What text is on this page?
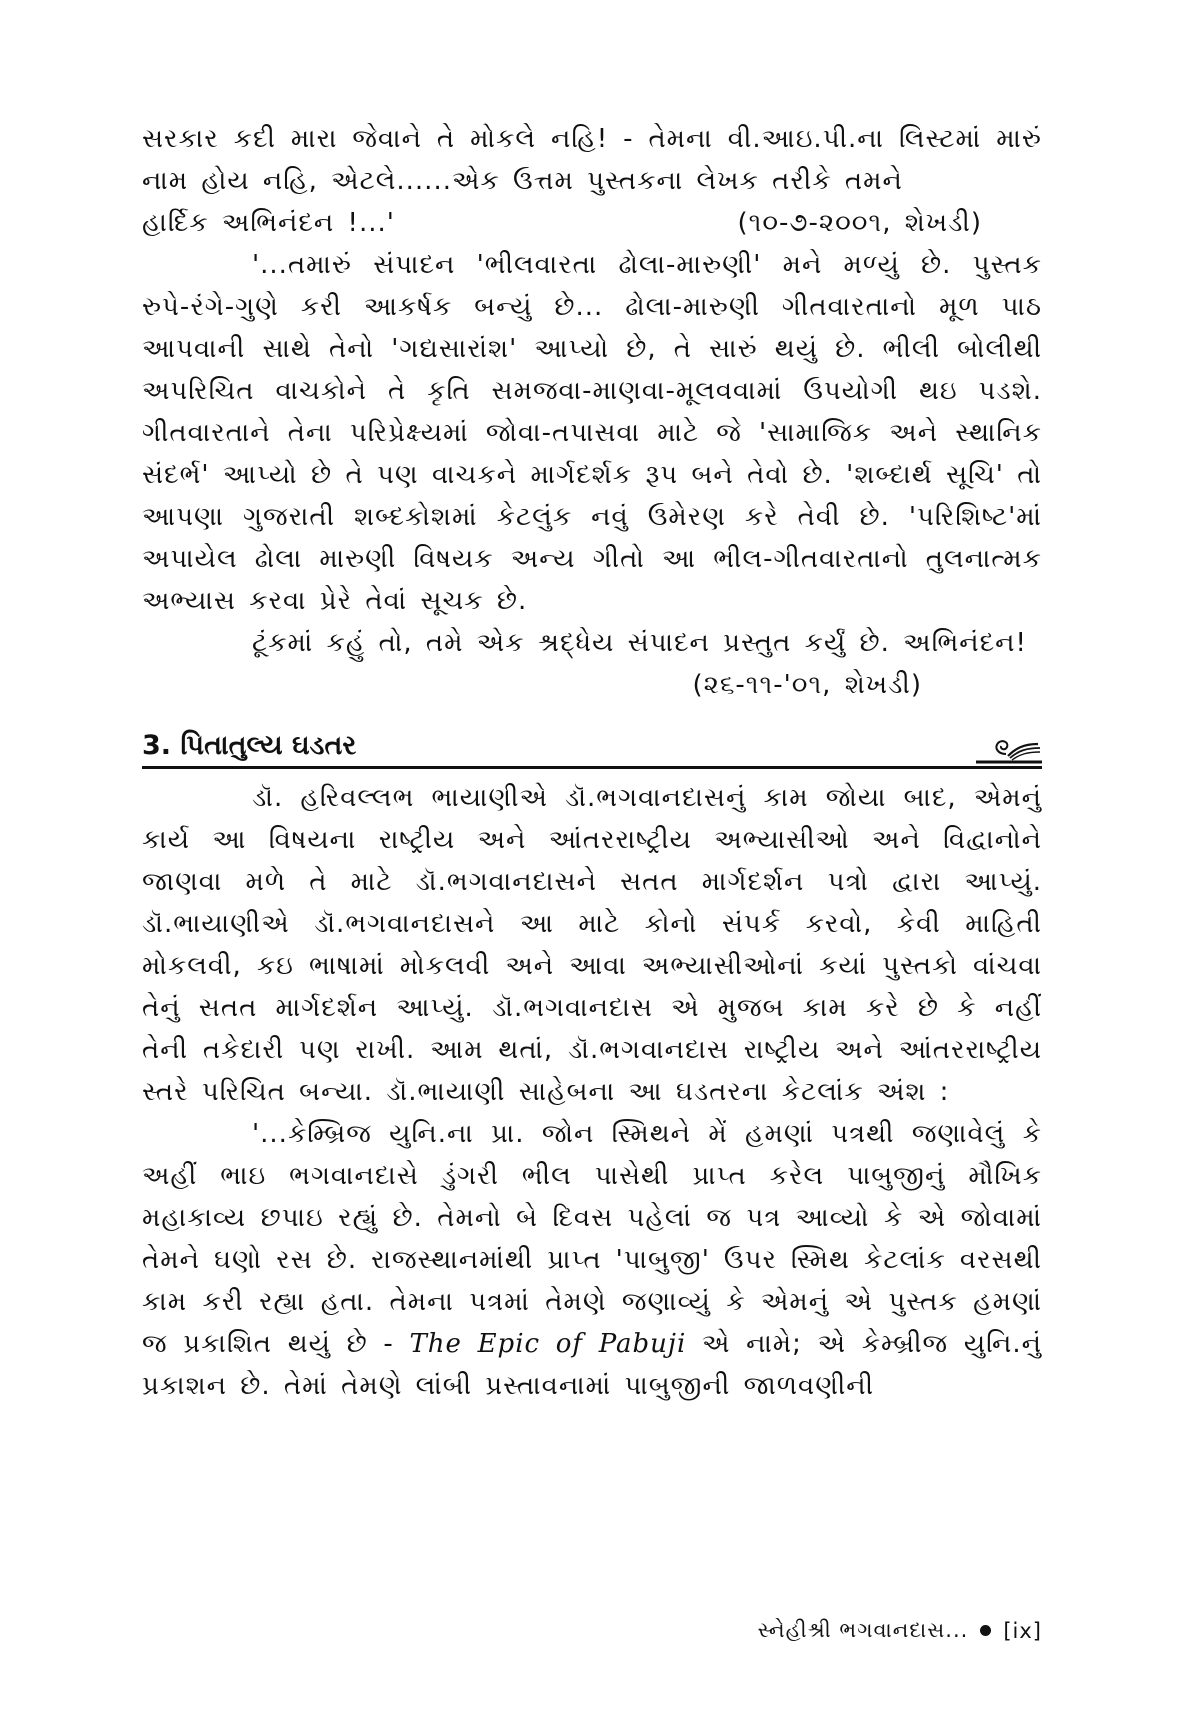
સરકાર કદી મારા જેવાને તે મોકલે નહિ! - તેમના વી.આઇ.પી.ના લિસ્ટમાં મારું નામ હોય નહિ, એટલે......એક ઉત્તમ પુસ્તકના લેખક તરીકે તમને

હાર્દિક અભિનંદન !...'	(૧૦-૭-૨૦૦૧, શેખડી)

'...તમારું સંપાદન 'ભીલવારતા ઢોલા-મારુણી' મને મળ્યું છે. પુસ્તક રુપે-રંગે-ગુણે કરી આકર્ષક બન્યું છે... ઢોલા-મારુણી ગીતવારતાનો મૂળ પાઠ આપવાની સાથે તેનો 'ગદ્યસારાંશ' આપ્યો છે, તે સારું થયું છે. ભીલી બોલીથી અપરિચિત વાચકોને તે કૃતિ સમજવા-માણવા-મૂલવવામાં ઉપયોગી થઇ પડશે. ગીતવારતાને તેના પરિપ્રેક્ષ્યમાં જોવા-તપાસવા માટે જે 'સામાજિક અને સ્થાનિક સંદર્ભ' આપ્યો છે તે પણ વાચકને માર્ગદર્શક રૂપ બને તેવો છે. 'શબ્દાર્થ સૂચિ' તો આપણા ગુજરાતી શબ્દકોશમાં કેટલુંક નવું ઉમેરણ કરે તેવી છે. 'પરિશિષ્ટ'માં અપાયેલ ઢોલા મારુણી વિષયક અન્ય ગીતો આ ભીલ-ગીતવારતાનો તુલનાત્મક અભ્યાસ કરવા પ્રેરે તેવાં સૂચક છે.

ટૂંકમાં કહું તો, તમે એક શ્રદ્ધેય સંપાદન પ્રસ્તુત કર્યું છે. અભિનંદન!

(૨૬-૧૧-'૦૧, શેખડી)

3. પિતાતુલ્ય ઘડતર

ડૉ. હરિવલ્લભ ભાયાણીએ ડૉ.ભગવાનદાસનું કામ જોયા બાદ, એમનું કાર્ય આ વિષયના રાષ્ટ્રીય અને આંતરરાષ્ટ્રીય અભ્યાસીઓ અને વિદ્વાનોને જાણવા મળે તે માટે ડૉ.ભગવાનદાસને સતત માર્ગદર્શન પત્રો દ્વારા આપ્યું. ડૉ.ભાયાણીએ ડૉ.ભગવાનદાસને આ માટે કોનો સંપર્ક કરવો, કેવી માહિતી મોકલવી, કઇ ભાષામાં મોકલવી અને આવા અભ્યાસીઓનાં કયાં પુસ્તકો વાંચવા તેનું સતત માર્ગદર્શન આપ્યું. ડૉ.ભગવાનદાસ એ મુજબ કામ કરે છે કે નહીં તેની તકેદારી પણ રાખી. આમ થતાં, ડૉ.ભગવાનદાસ રાષ્ટ્રીય અને આંતરરાષ્ટ્રીય સ્તરે પરિચિત બન્યા. ડૉ.ભાયાણી સાહેબના આ ઘડતરના કેટલાંક અંશ :

'...કેમ્બ્રિજ યુનિ.ના પ્રા. જોન સ્મિથને મેં હમણાં પત્રથી જણાવેલું કે અહીં ભાઇ ભગવાનદાસે ડુંગરી ભીલ પાસેથી પ્રાપ્ત કરેલ પાબુજીનું મૌખિક મહાકાવ્ય છપાઇ રહ્યું છે. તેમનો બે દિવસ પહેલાં જ પત્ર આવ્યો કે એ જોવામાં તેમને ઘણો રસ છે. રાજસ્થાનમાંથી પ્રાપ્ત 'પાબુજી' ઉપર સ્મિથ કેટલાંક વરસથી કામ કરી રહ્યા હતા. તેમના પત્રમાં તેમણે જણાવ્યું કે એમનું એ પુસ્તક હમણાં જ પ્રકાશિત થયું છે - The Epic of Pabuji એ નામે; એ કેમ્બ્રીજ યુનિ.નું પ્રકાશન છે. તેમાં તેમણે લાંબી પ્રસ્તાવનામાં પાબુજીની જાળવણીની

સ્નેહીશ્રી ભગવાનદાસ... [ix]
